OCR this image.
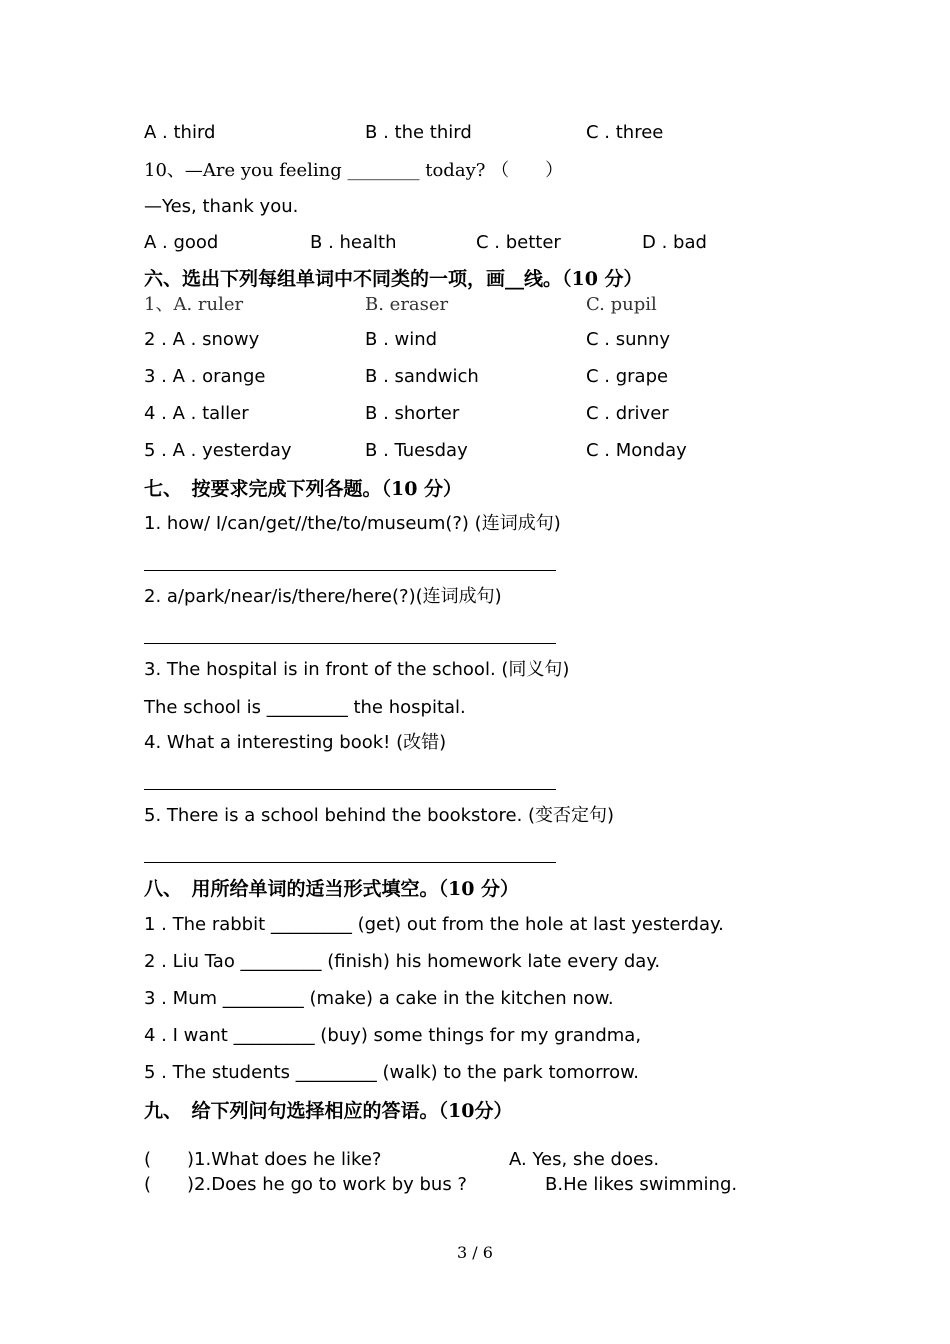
A . third	B . the third	C . three
10、—Are you feeling ________ today? （　　）
—Yes, thank you.
A . good	B . health	C . better	D . bad
六、选出下列每组单词中不同类的一项，画__线。（10 分）
1、A. ruler	B. eraser	C. pupil
2 . A . snowy	B . wind	C . sunny
3 . A . orange	B . sandwich	C . grape
4 . A . taller	B . shorter	C . driver
5 . A . yesterday	B . Tuesday	C . Monday
七、　按要求完成下列各题。（10 分）
1. how/ I/can/get//the/to/museum(?) (连词成句)
2. a/park/near/is/there/here(?)(连词成句)
3. The hospital is in front of the school. (同义句)
The school is _________ the hospital.
4. What a interesting book! (改错)
5. There is a school behind the bookstore. (变否定句)
八、　用所给单词的适当形式填空。（10 分）
1 . The rabbit _________ (get) out from the hole at last yesterday.
2 . Liu Tao _________ (finish) his homework late every day.
3 . Mum _________ (make) a cake in the kitchen now.
4 . I want _________ (buy) some things for my grandma,
5 . The students _________ (walk) to the park tomorrow.
九、　给下列问句选择相应的答语。（10分）
(　　)1.What does he like?	A. Yes, she does.
(　　)2.Does he go to work by bus ?	B.He likes swimming.
3 / 6
